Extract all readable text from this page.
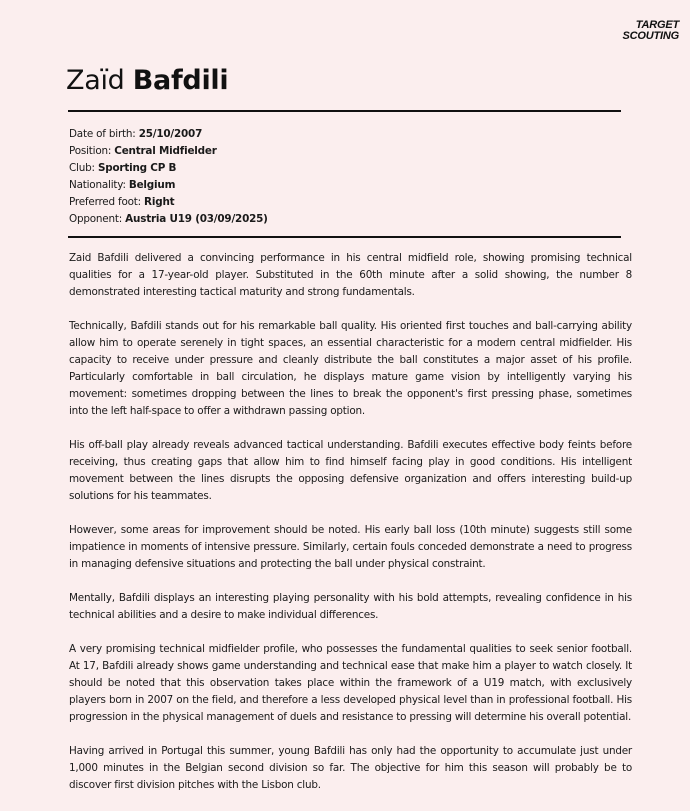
TARGET
SCOUTING
Zaïd Bafdili
Date of birth: 25/10/2007
Position: Central Midfielder
Club: Sporting CP B
Nationality: Belgium
Preferred foot: Right
Opponent: Austria U19 (03/09/2025)

Zaid Bafdili delivered a convincing performance in his central midfield role, showing promising technical qualities for a 17-year-old player. Substituted in the 60th minute after a solid showing, the number 8 demonstrated interesting tactical maturity and strong fundamentals.

Technically, Bafdili stands out for his remarkable ball quality. His oriented first touches and ball-carrying ability allow him to operate serenely in tight spaces, an essential characteristic for a modern central midfielder. His capacity to receive under pressure and cleanly distribute the ball constitutes a major asset of his profile. Particularly comfortable in ball circulation, he displays mature game vision by intelligently varying his movement: sometimes dropping between the lines to break the opponent's first pressing phase, sometimes into the left half-space to offer a withdrawn passing option.

His off-ball play already reveals advanced tactical understanding. Bafdili executes effective body feints before receiving, thus creating gaps that allow him to find himself facing play in good conditions. His intelligent movement between the lines disrupts the opposing defensive organization and offers interesting build-up solutions for his teammates.

However, some areas for improvement should be noted. His early ball loss (10th minute) suggests still some impatience in moments of intensive pressure. Similarly, certain fouls conceded demonstrate a need to progress in managing defensive situations and protecting the ball under physical constraint.

Mentally, Bafdili displays an interesting playing personality with his bold attempts, revealing confidence in his technical abilities and a desire to make individual differences.

A very promising technical midfielder profile, who possesses the fundamental qualities to seek senior football. At 17, Bafdili already shows game understanding and technical ease that make him a player to watch closely. It should be noted that this observation takes place within the framework of a U19 match, with exclusively players born in 2007 on the field, and therefore a less developed physical level than in professional football. His progression in the physical management of duels and resistance to pressing will determine his overall potential.

Having arrived in Portugal this summer, young Bafdili has only had the opportunity to accumulate just under 1,000 minutes in the Belgian second division so far. The objective for him this season will probably be to discover first division pitches with the Lisbon club.
